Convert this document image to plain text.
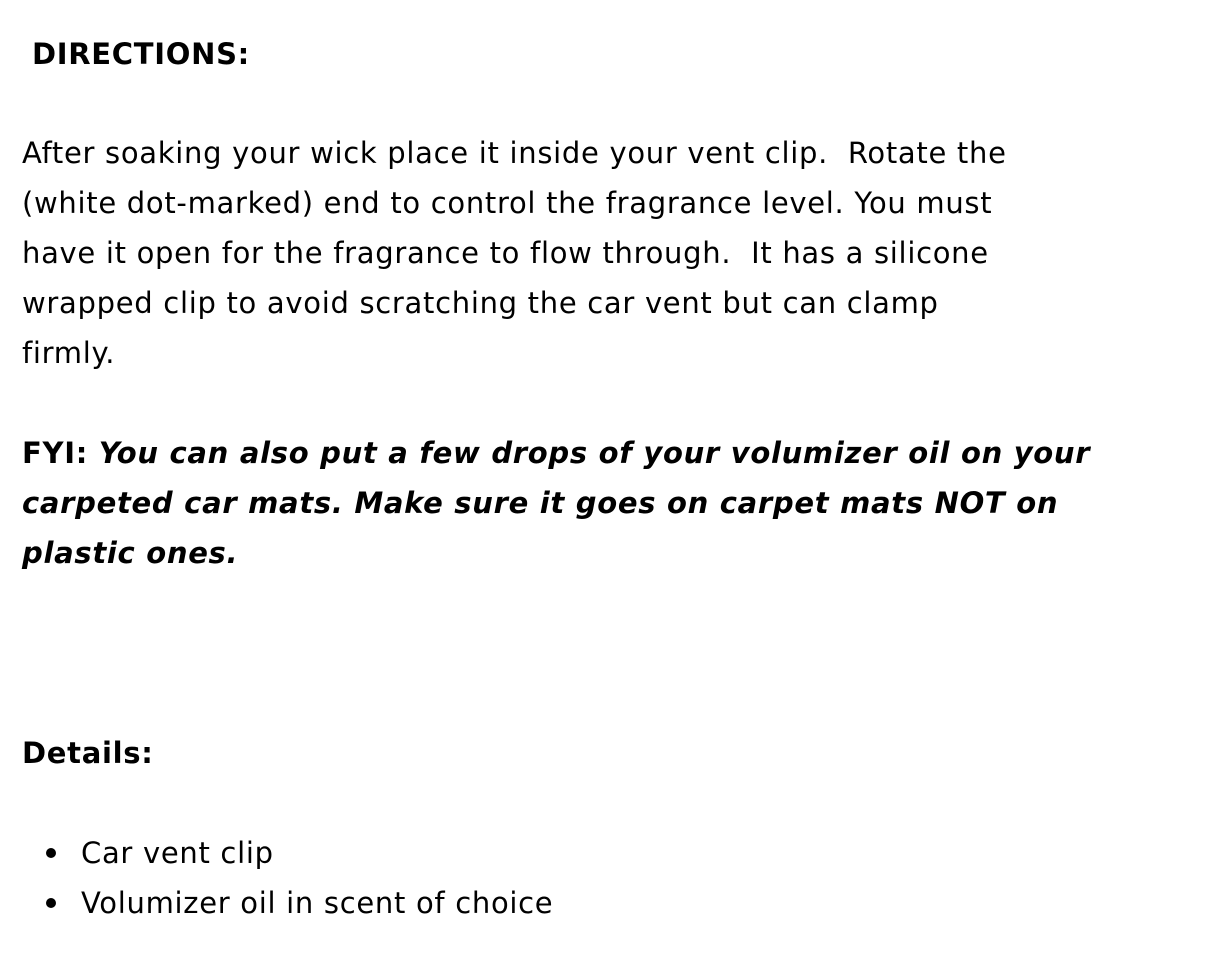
DIRECTIONS:

After soaking your wick place it inside your vent clip.  Rotate the
(white dot-marked) end to control the fragrance level. You must
have it open for the fragrance to flow through.  It has a silicone
wrapped clip to avoid scratching the car vent but can clamp
firmly.

FYI: You can also put a few drops of your volumizer oil on your
carpeted car mats. Make sure it goes on carpet mats NOT on
plastic ones.

Details:
Car vent clip
Volumizer oil in scent of choice
